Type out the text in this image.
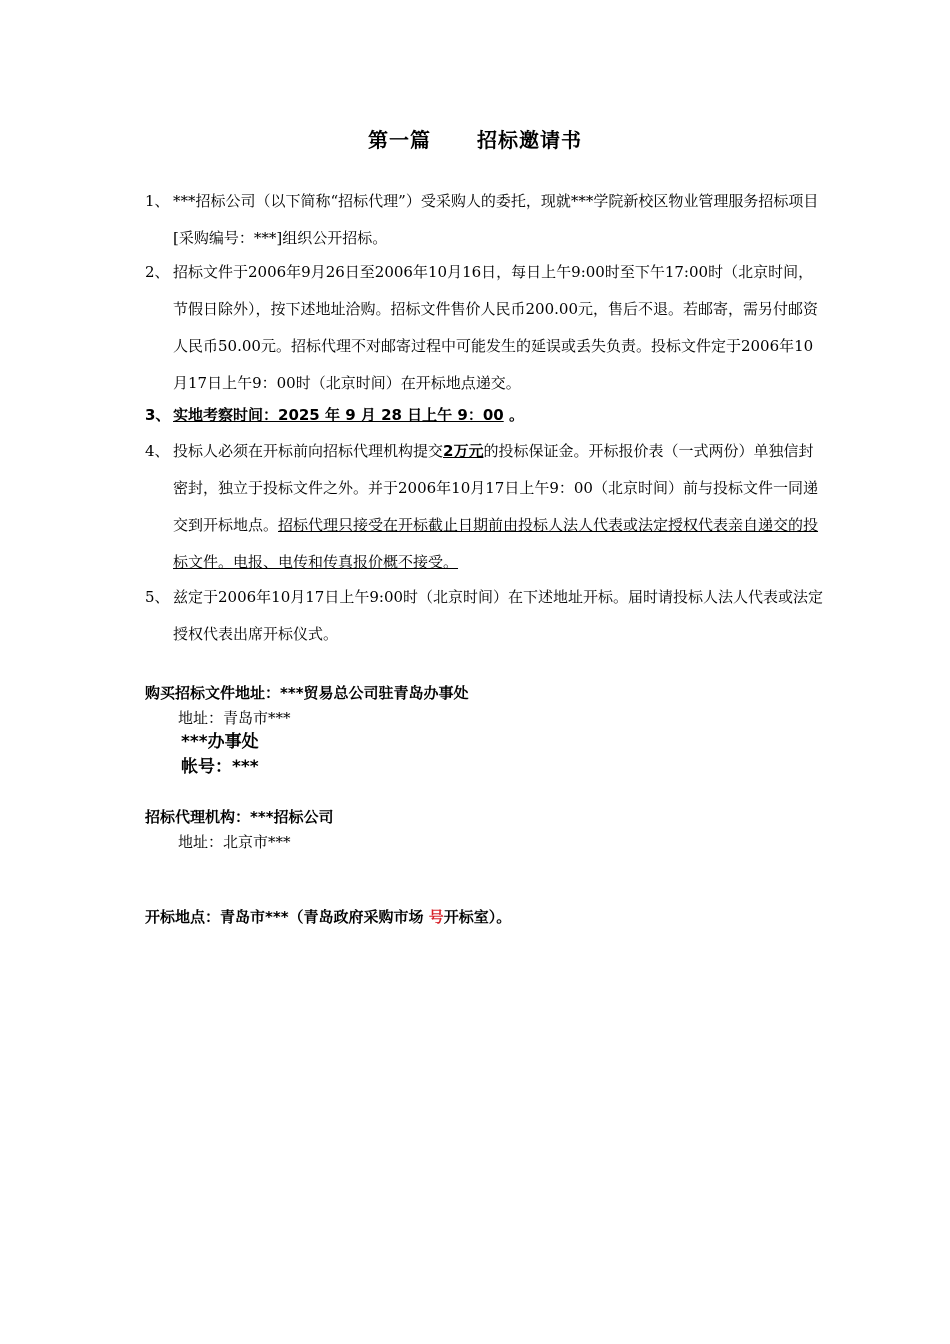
第一篇 招标邀请书
1、 ***招标公司（以下简称“招标代理”）受采购人的委托，现就***学院新校区物业管理服务招标项目 [采购编号：***]组织公开招标。
2、 招标文件于2006年9月26日至2006年10月16日，每日上午9:00时至下午17:00时（北京时间，节假日除外），按下述地址洽购。招标文件售价人民币200.00元，售后不退。若邮寄，需另付邮资人民币50.00元。招标代理不对邮寄过程中可能发生的延误或丢失负责。投标文件定于2006年10月17日上午9：00时（北京时间）在开标地点递交。
3、 实地考察时间：2025 年 9 月 28 日上午 9：00 。
4、 投标人必须在开标前向招标代理机构提交2万元的投标保证金。开标报价表（一式两份）单独信封密封，独立于投标文件之外。并于2006年10月17日上午9：00（北京时间）前与投标文件一同递交到开标地点。招标代理只接受在开标截止日期前由投标人法人代表或法定授权代表亲自递交的投标文件。电报、电传和传真报价概不接受。
5、 兹定于2006年10月17日上午9:00时（北京时间）在下述地址开标。届时请投标人法人代表或法定授权代表出席开标仪式。
购买招标文件地址：***贸易总公司驻青岛办事处
地址：青岛市***
***办事处
帐号：***
招标代理机构：***招标公司
地址：北京市***
开标地点：青岛市***（青岛政府采购市场 号开标室）。
